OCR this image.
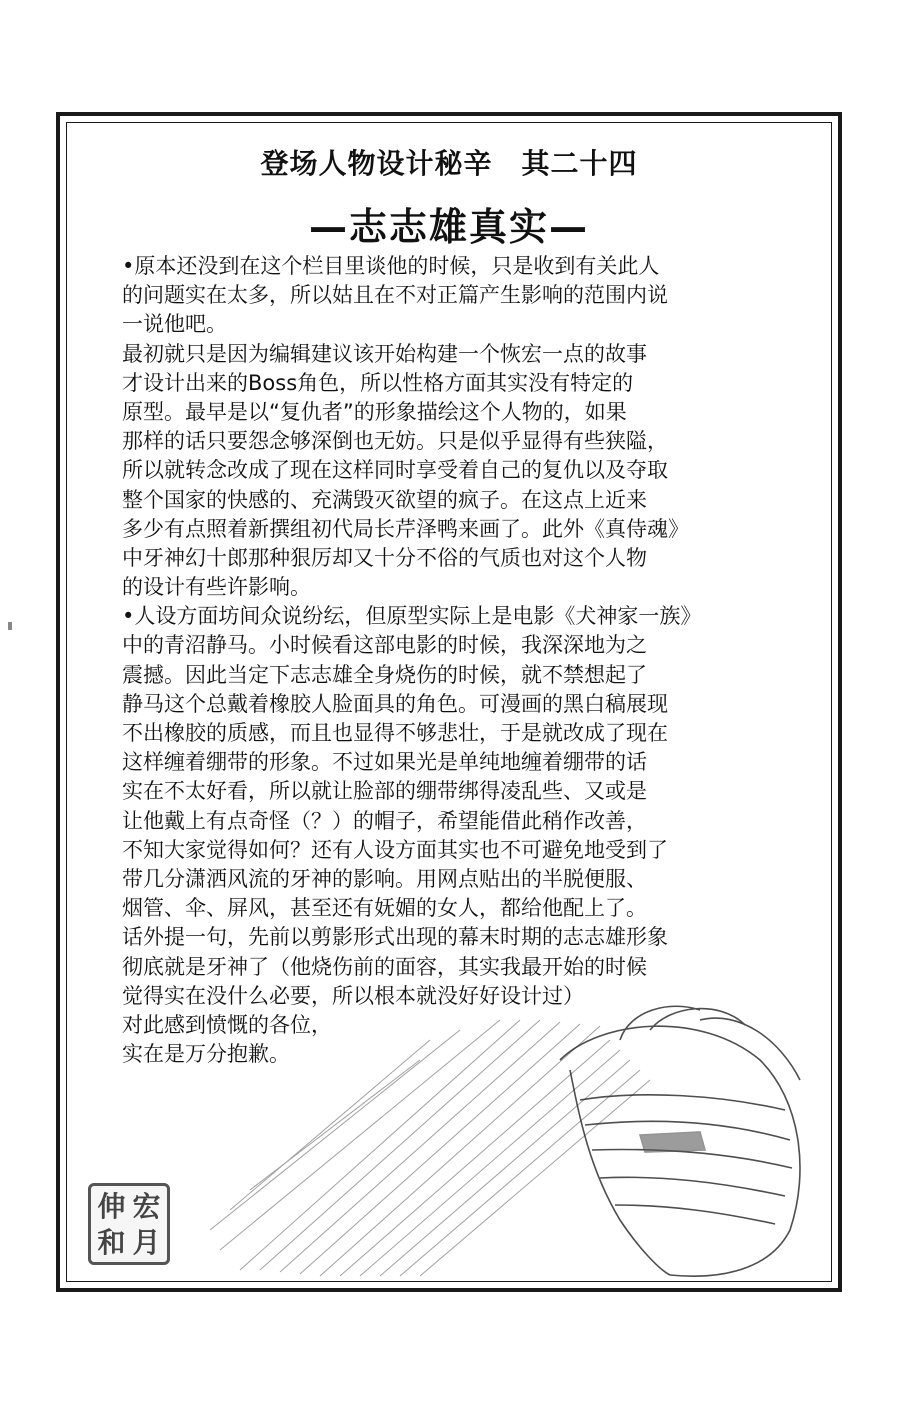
登场人物设计秘辛　其二十四
—志志雄真实—
•原本还没到在这个栏目里谈他的时候，只是收到有关此人
的问题实在太多，所以姑且在不对正篇产生影响的范围内说
一说他吧。
最初就只是因为编辑建议该开始构建一个恢宏一点的故事
才设计出来的Boss角色，所以性格方面其实没有特定的
原型。最早是以“复仇者”的形象描绘这个人物的，如果
那样的话只要怨念够深倒也无妨。只是似乎显得有些狭隘，
所以就转念改成了现在这样同时享受着自己的复仇以及夺取
整个国家的快感的、充满毁灭欲望的疯子。在这点上近来
多少有点照着新撰组初代局长芹泽鸭来画了。此外《真侍魂》
中牙神幻十郎那种狠厉却又十分不俗的气质也对这个人物
的设计有些许影响。
•人设方面坊间众说纷纭，但原型实际上是电影《犬神家一族》
中的青沼静马。小时候看这部电影的时候，我深深地为之
震撼。因此当定下志志雄全身烧伤的时候，就不禁想起了
静马这个总戴着橡胶人脸面具的角色。可漫画的黑白稿展现
不出橡胶的质感，而且也显得不够悲壮，于是就改成了现在
这样缠着绷带的形象。不过如果光是单纯地缠着绷带的话
实在不太好看，所以就让脸部的绷带绑得凌乱些、又或是
让他戴上有点奇怪（？）的帽子，希望能借此稍作改善，
不知大家觉得如何？还有人设方面其实也不可避免地受到了
带几分潇洒风流的牙神的影响。用网点贴出的半脱便服、
烟管、伞、屏风，甚至还有妩媚的女人，都给他配上了。
话外提一句，先前以剪影形式出现的幕末时期的志志雄形象
彻底就是牙神了（他烧伤前的面容，其实我最开始的时候
觉得实在没什么必要，所以根本就没好好设计过）
对此感到愤慨的各位，
实在是万分抱歉。
伸 宏
和 月
